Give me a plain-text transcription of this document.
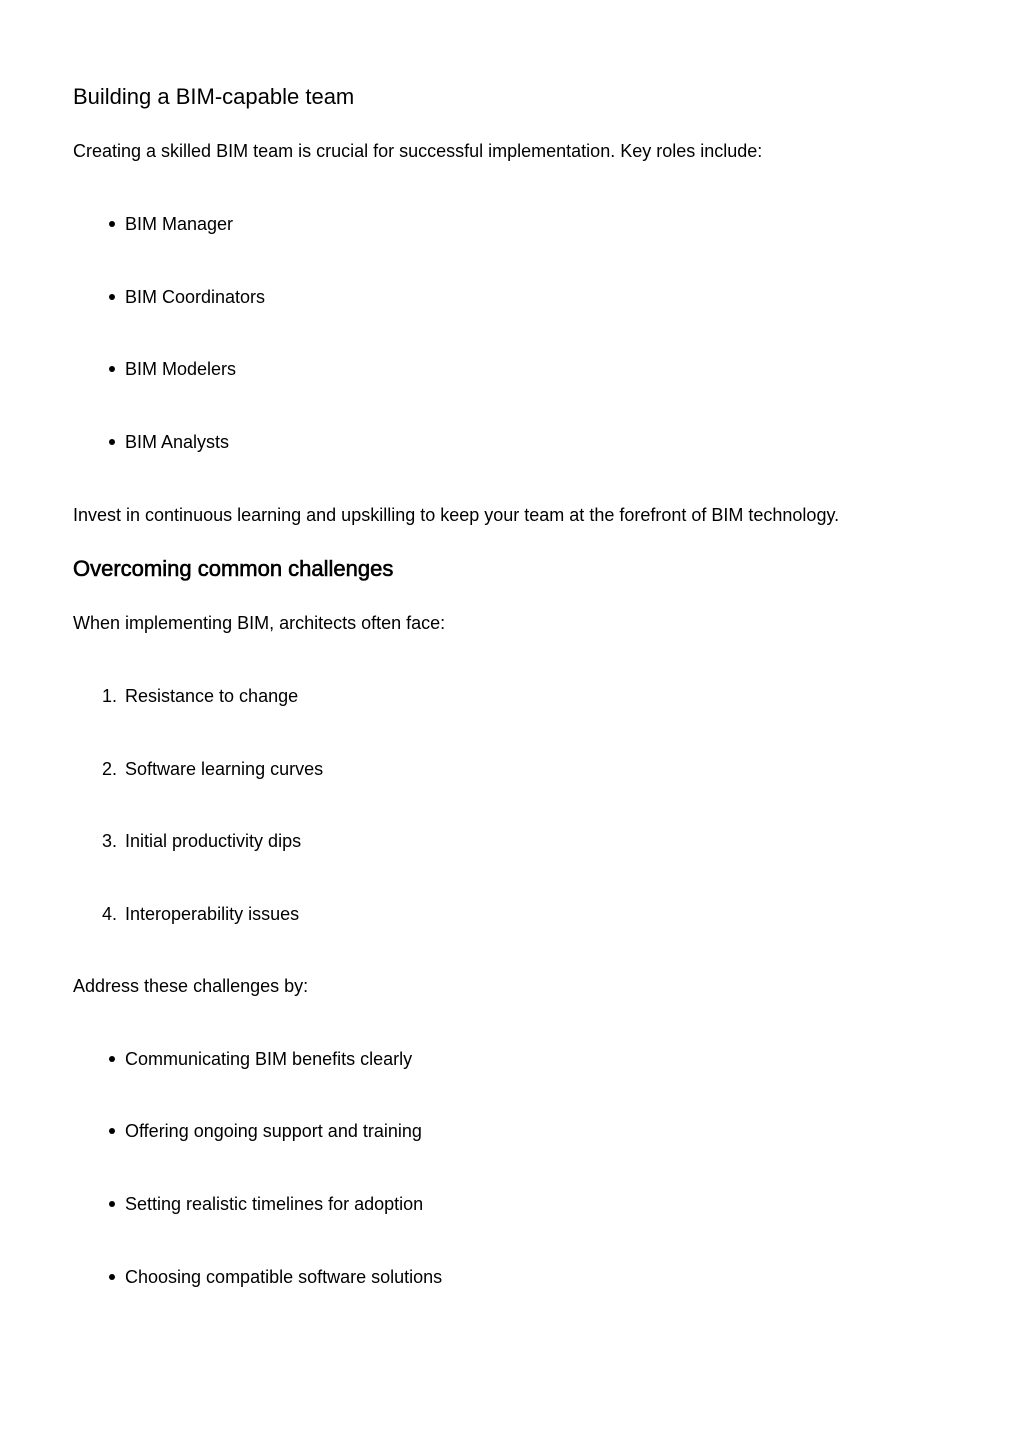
Building a BIM-capable team

Creating a skilled BIM team is crucial for successful implementation. Key roles include:

BIM Manager
BIM Coordinators
BIM Modelers
BIM Analysts

Invest in continuous learning and upskilling to keep your team at the forefront of BIM technology.

Overcoming common challenges

When implementing BIM, architects often face:

1. Resistance to change
2. Software learning curves
3. Initial productivity dips
4. Interoperability issues

Address these challenges by:

Communicating BIM benefits clearly
Offering ongoing support and training
Setting realistic timelines for adoption
Choosing compatible software solutions
